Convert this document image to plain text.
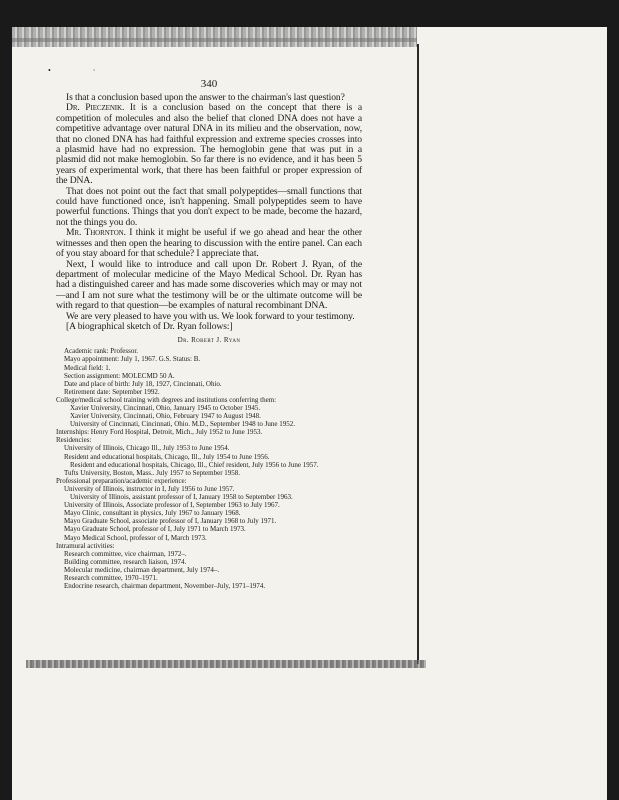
•                     ·
340

Is that a conclusion based upon the answer to the chairman's last question?

Dr. Pieczenik. It is a conclusion based on the concept that there is a competition of molecules and also the belief that cloned DNA does not have a competitive advantage over natural DNA in its milieu and the observation, now, that no cloned DNA has had faithful expression and extreme species crosses into a plasmid have had no expression. The hemoglobin gene that was put in a plasmid did not make hemoglobin. So far there is no evidence, and it has been 5 years of experimental work, that there has been faithful or proper expression of the DNA.

That does not point out the fact that small polypeptides—small functions that could have functioned once, isn't happening. Small polypeptides seem to have powerful functions. Things that you don't expect to be made, become the hazard, not the things you do.

Mr. Thornton. I think it might be useful if we go ahead and hear the other witnesses and then open the hearing to discussion with the entire panel. Can each of you stay aboard for that schedule? I appreciate that.

Next, I would like to introduce and call upon Dr. Robert J. Ryan, of the department of molecular medicine of the Mayo Medical School. Dr. Ryan has had a distinguished career and has made some discoveries which may or may not—and I am not sure what the testimony will be or the ultimate outcome will be with regard to that question—be examples of natural recombinant DNA.

We are very pleased to have you with us. We look forward to your testimony.

[A biographical sketch of Dr. Ryan follows:]

Dr. Robert J. Ryan
Academic rank: Professor.
Mayo appointment: July 1, 1967. G.S. Status: B.
Medical field: 1.
Section assignment: MOLECMD 50 A.
Date and place of birth: July 18, 1927, Cincinnati, Ohio.
Retirement date: September 1992.
College/medical school training with degrees and institutions conferring them:
Xavier University, Cincinnati, Ohio, January 1945 to October 1945.
Xavier University, Cincinnati, Ohio, February 1947 to August 1948.
University of Cincinnati, Cincinnati, Ohio. M.D., September 1948 to June 1952.
Internships: Henry Ford Hospital, Detroit, Mich., July 1952 to June 1953.
Residencies:
University of Illinois, Chicago Ill., July 1953 to June 1954.
Resident and educational hospitals, Chicago, Ill., July 1954 to June 1956.
Resident and educational hospitals, Chicago, Ill., Chief resident, July 1956 to June 1957.
Tufts University, Boston, Mass.. July 1957 to September 1958.
Professional preparation/academic experience:
University of Illinois, instructor in I, July 1956 to June 1957.
University of Illinois, assistant professor of I, January 1958 to September 1963.
University of Illinois, Associate professor of I, September 1963 to July 1967.
Mayo Clinic, consultant in physics, July 1967 to January 1968.
Mayo Graduate School, associate professor of I, January 1968 to July 1971.
Mayo Graduate School, professor of I, July 1971 to March 1973.
Mayo Medical School, professor of I, March 1973.
Intramural activities:
Research committee, vice chairman, 1972–.
Building committee, research liaison, 1974.
Molecular medicine, chairman department, July 1974–.
Research committee, 1970–1971.
Endocrine research, chairman department, November–July, 1971–1974.
